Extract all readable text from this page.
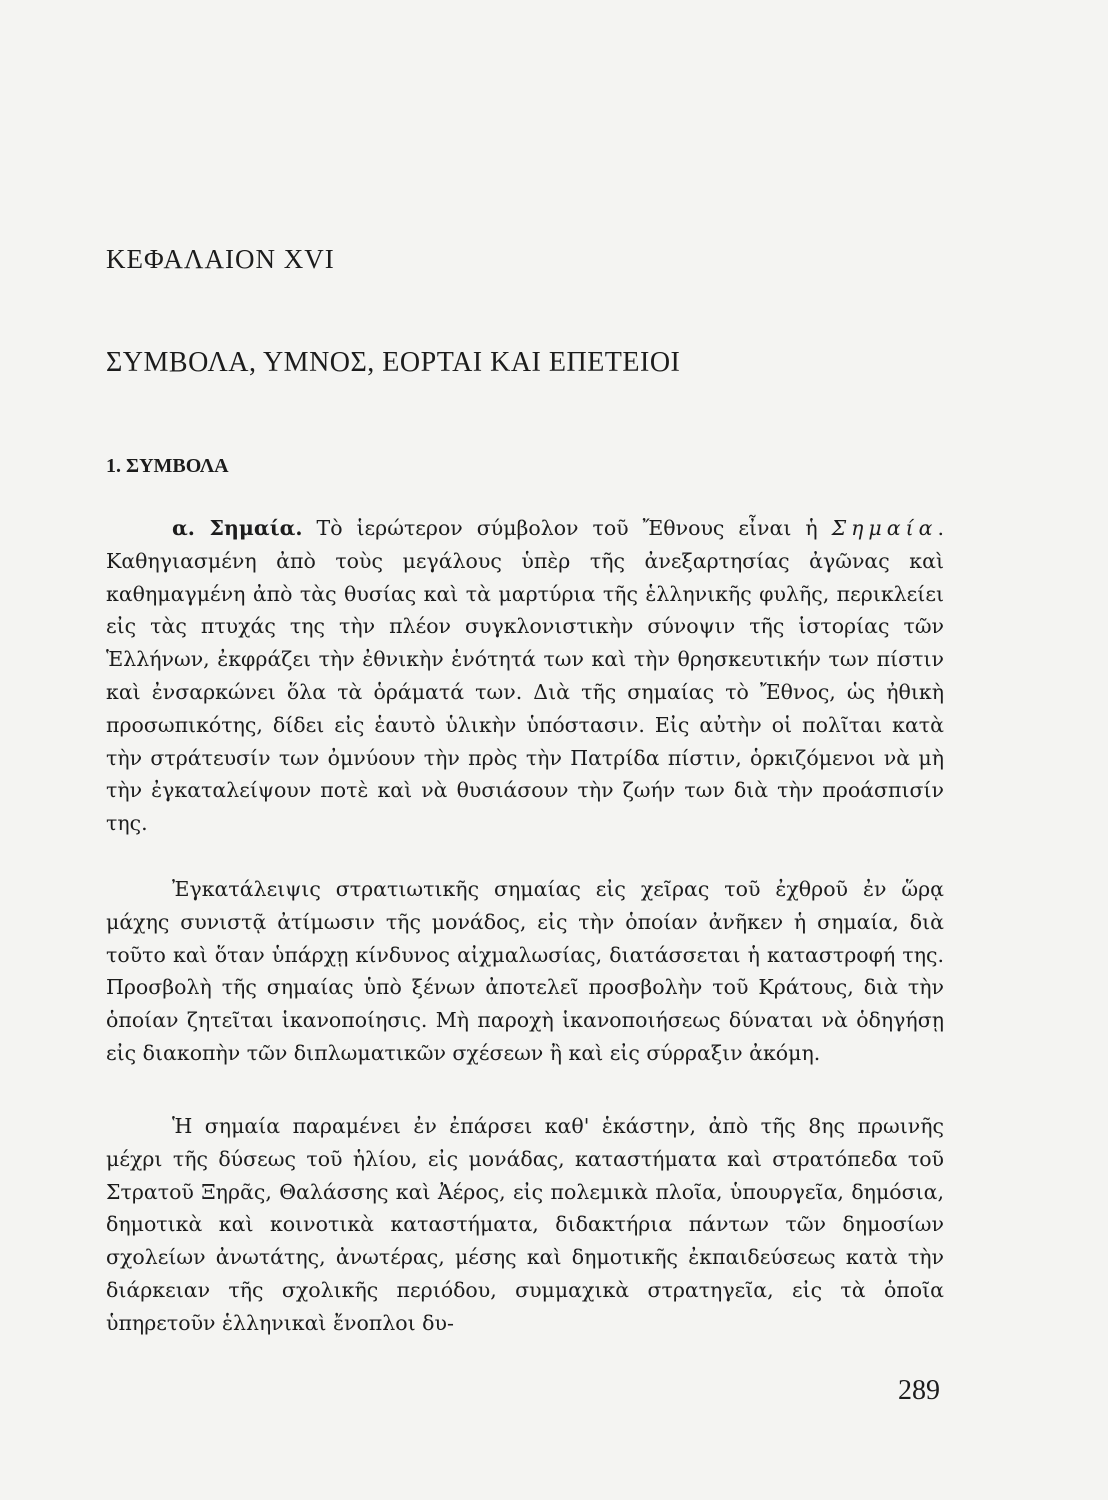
ΚΕΦΑΛΑΙΟΝ XVI
ΣΥΜΒΟΛΑ, ΥΜΝΟΣ, ΕΟΡΤΑΙ ΚΑΙ ΕΠΕΤΕΙΟΙ
1. ΣΥΜΒΟΛΑ

α. Σημαία. Τὸ ἱερώτερον σύμβολον τοῦ Ἔθνους εἶναι ἡ Σημαία. Καθηγιασμένη ἀπὸ τοὺς μεγάλους ὑπὲρ τῆς ἀνεξαρτησίας ἀγῶνας καὶ καθημαγμένη ἀπὸ τὰς θυσίας καὶ τὰ μαρτύρια τῆς ἑλληνικῆς φυλῆς, περικλείει εἰς τὰς πτυχάς της τὴν πλέον συγκλονιστικὴν σύνοψιν τῆς ἱστορίας τῶν Ἑλλήνων, ἐκφράζει τὴν ἐθνικὴν ἑνότητά των καὶ τὴν θρησκευτικήν των πίστιν καὶ ἐνσαρκώνει ὅλα τὰ ὁράματά των. Διὰ τῆς σημαίας τὸ Ἔθνος, ὡς ἠθικὴ προσωπικότης, δίδει εἰς ἑαυτὸ ὑλικὴν ὑπόστασιν. Εἰς αὐτὴν οἱ πολῖται κατὰ τὴν στράτευσίν των ὀμνύουν τὴν πρὸς τὴν Πατρίδα πίστιν, ὁρκιζόμενοι νὰ μὴ τὴν ἐγκαταλείψουν ποτὲ καὶ νὰ θυσιάσουν τὴν ζωήν των διὰ τὴν προάσπισίν της.

Ἐγκατάλειψις στρατιωτικῆς σημαίας εἰς χεῖρας τοῦ ἐχθροῦ ἐν ὥρᾳ μάχης συνιστᾷ ἀτίμωσιν τῆς μονάδος, εἰς τὴν ὁποίαν ἀνῆκεν ἡ σημαία, διὰ τοῦτο καὶ ὅταν ὑπάρχῃ κίνδυνος αἰχμαλωσίας, διατάσσεται ἡ καταστροφή της. Προσβολὴ τῆς σημαίας ὑπὸ ξένων ἀποτελεῖ προσβολὴν τοῦ Κράτους, διὰ τὴν ὁποίαν ζητεῖται ἱκανοποίησις. Μὴ παροχὴ ἱκανοποιήσεως δύναται νὰ ὁδηγήσῃ εἰς διακοπὴν τῶν διπλωματικῶν σχέσεων ἢ καὶ εἰς σύρραξιν ἀκόμη.

Ἡ σημαία παραμένει ἐν ἐπάρσει καθ' ἑκάστην, ἀπὸ τῆς 8ης πρωινῆς μέχρι τῆς δύσεως τοῦ ἡλίου, εἰς μονάδας, καταστήματα καὶ στρατόπεδα τοῦ Στρατοῦ Ξηρᾶς, Θαλάσσης καὶ Ἀέρος, εἰς πολεμικὰ πλοῖα, ὑπουργεῖα, δημόσια, δημοτικὰ καὶ κοινοτικὰ καταστήματα, διδακτήρια πάντων τῶν δημοσίων σχολείων ἀνωτάτης, ἀνωτέρας, μέσης καὶ δημοτικῆς ἐκπαιδεύσεως κατὰ τὴν διάρκειαν τῆς σχολικῆς περιόδου, συμμαχικὰ στρατηγεῖα, εἰς τὰ ὁποῖα ὑπηρετοῦν ἑλληνικαὶ ἔνοπλοι δυ-

289
